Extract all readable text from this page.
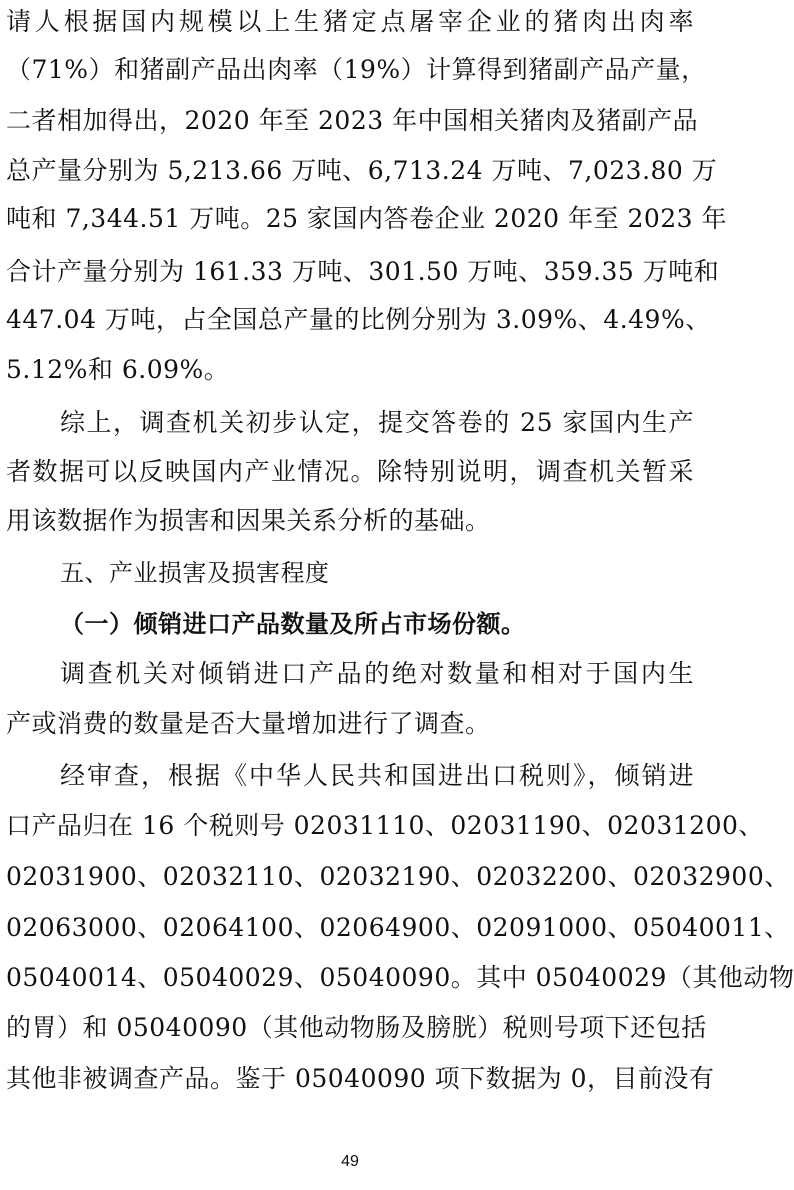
请人根据国内规模以上生猪定点屠宰企业的猪肉出肉率
（71%）和猪副产品出肉率（19%）计算得到猪副产品产量，
二者相加得出，2020 年至 2023 年中国相关猪肉及猪副产品
总产量分别为 5,213.66 万吨、6,713.24 万吨、7,023.80 万
吨和 7,344.51 万吨。25 家国内答卷企业 2020 年至 2023 年
合计产量分别为 161.33 万吨、301.50 万吨、359.35 万吨和
447.04 万吨，占全国总产量的比例分别为 3.09%、4.49%、
5.12%和 6.09%。
综上，调查机关初步认定，提交答卷的 25 家国内生产
者数据可以反映国内产业情况。除特别说明，调查机关暂采
用该数据作为损害和因果关系分析的基础。
五、产业损害及损害程度
（一）倾销进口产品数量及所占市场份额。
调查机关对倾销进口产品的绝对数量和相对于国内生
产或消费的数量是否大量增加进行了调查。
经审查，根据《中华人民共和国进出口税则》，倾销进
口产品归在 16 个税则号 02031110、02031190、02031200、
02031900、02032110、02032190、02032200、02032900、
02063000、02064100、02064900、02091000、05040011、
05040014、05040029、05040090。其中 05040029（其他动物
的胃）和 05040090（其他动物肠及膀胱）税则号项下还包括
其他非被调查产品。鉴于 05040090 项下数据为 0，目前没有
49
